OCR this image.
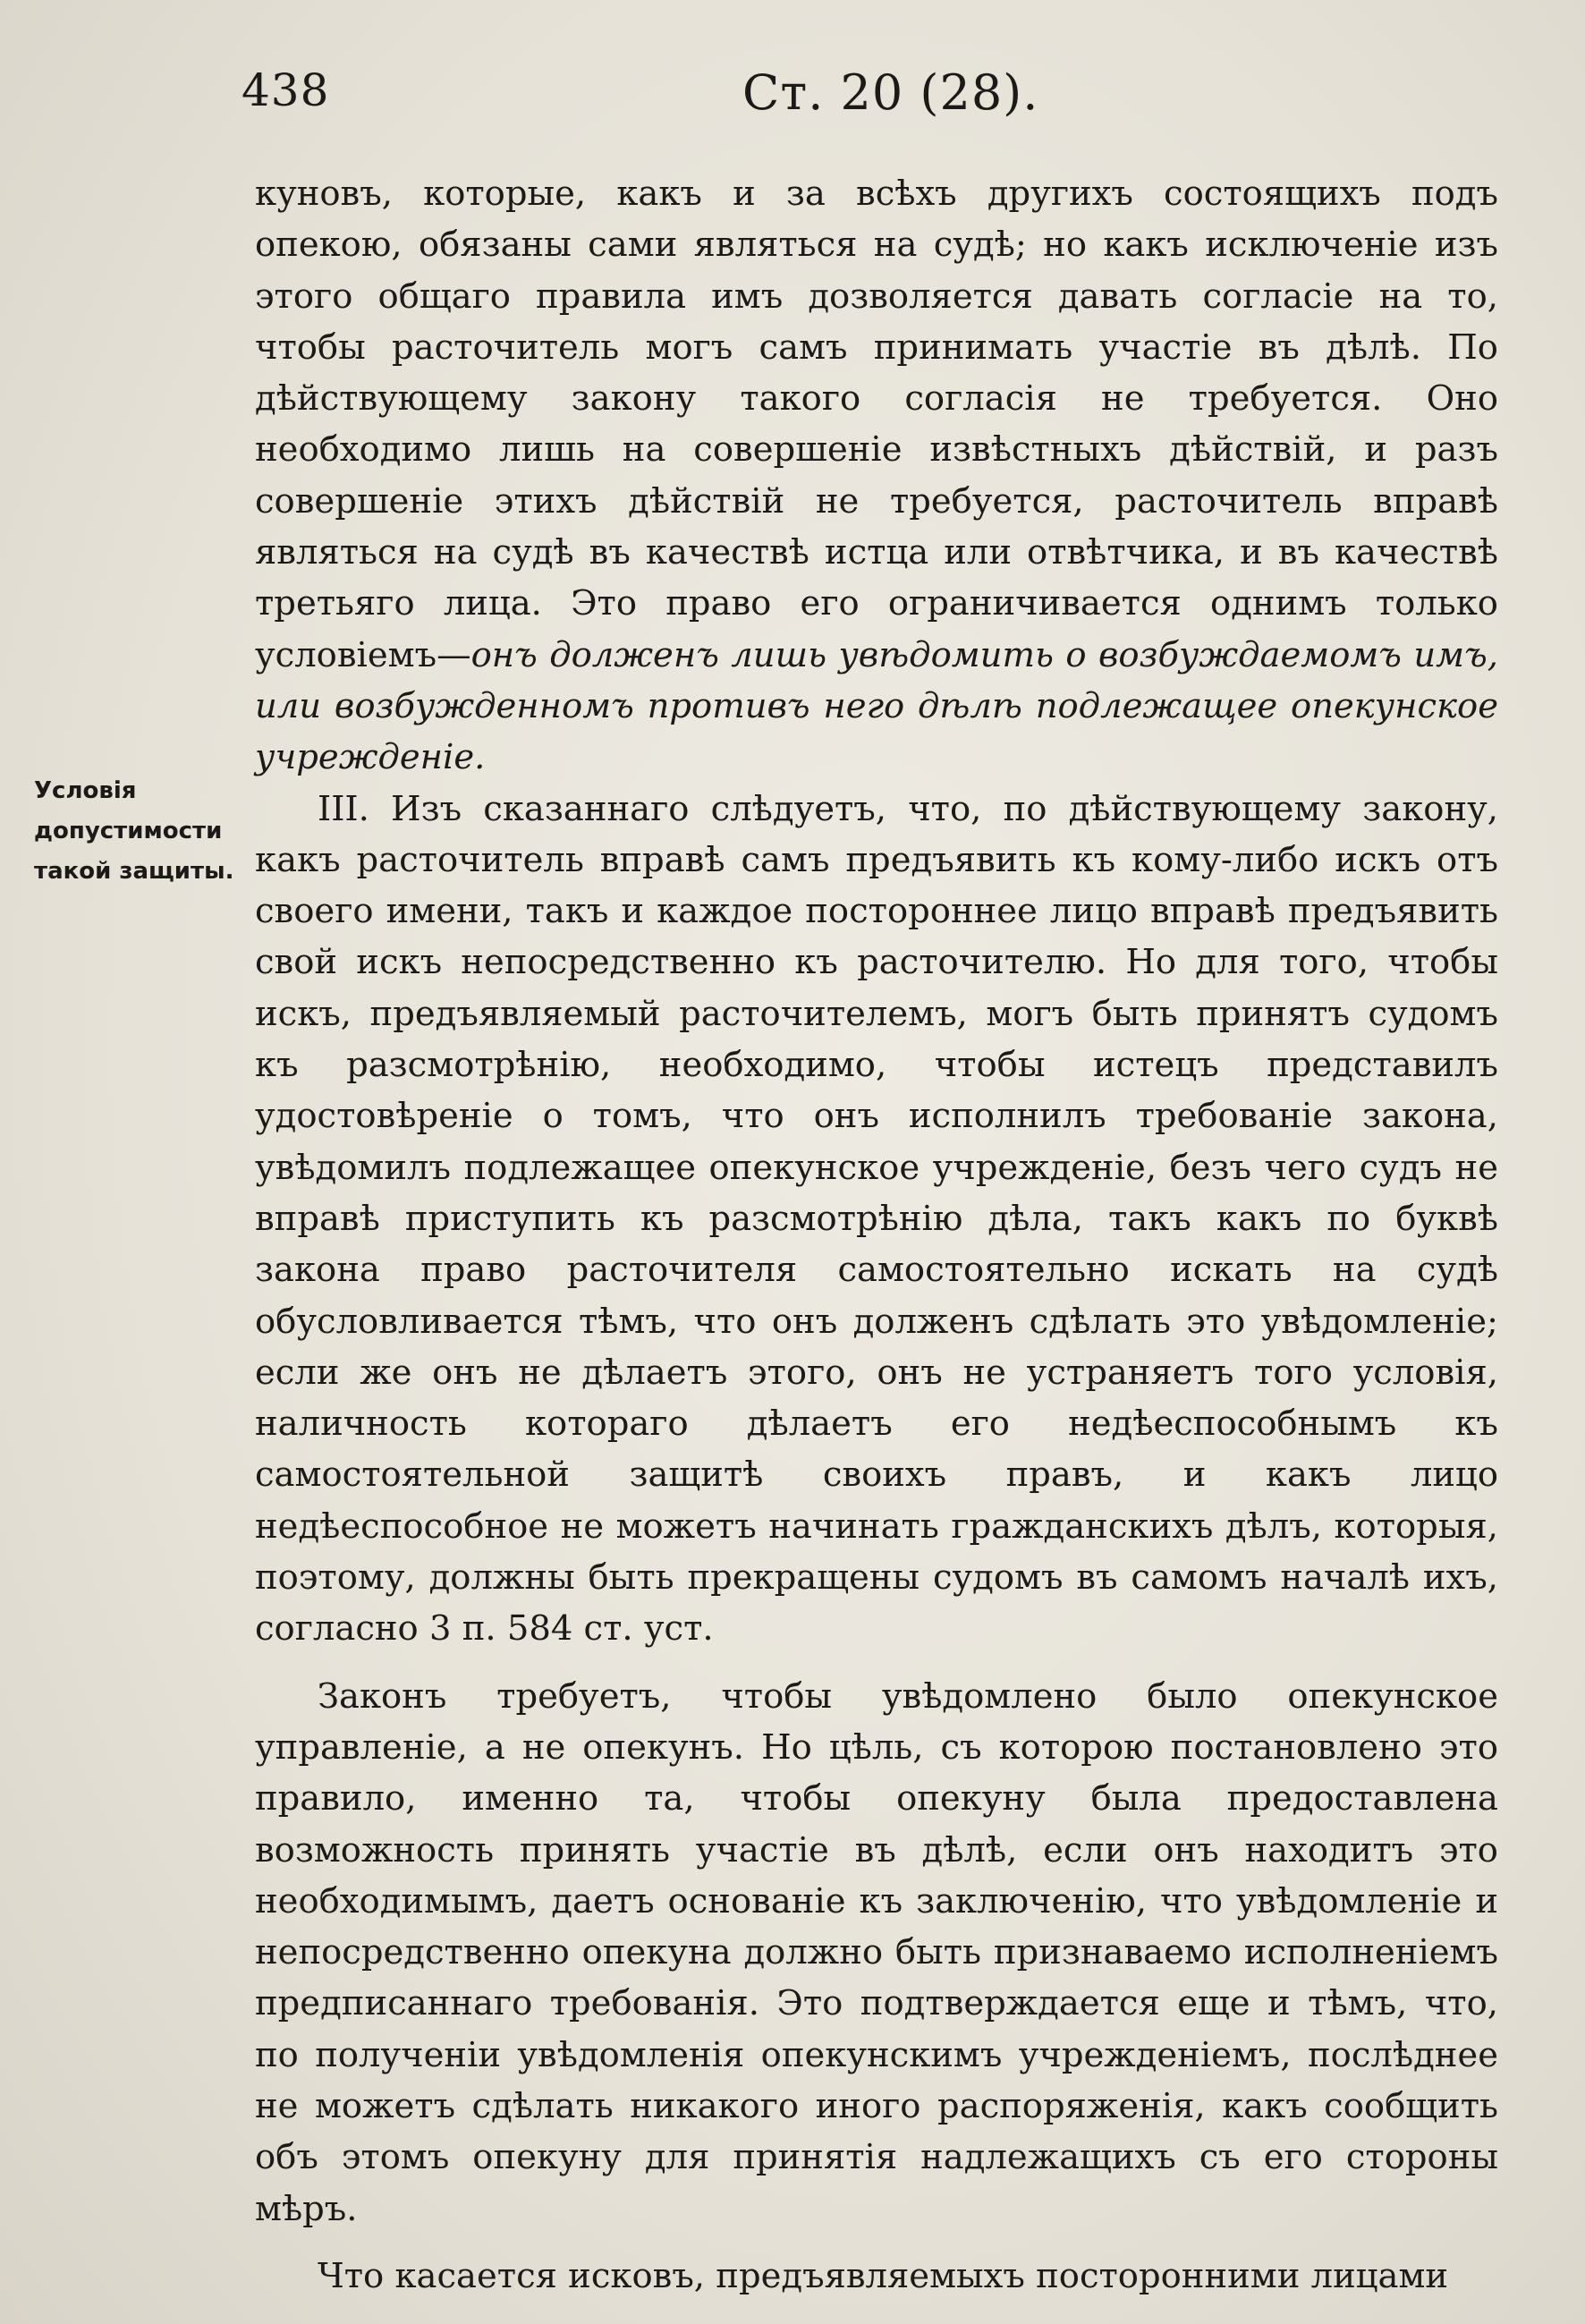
438	Ст. 20 (28).
Условія допустимости такой защиты.

куновъ, которые, какъ и за всѣхъ другихъ состоящихъ подъ опекою, обязаны сами являться на судѣ; но какъ исключеніе изъ этого общаго правила имъ дозволяется давать согласіе на то, чтобы расточитель могъ самъ принимать участіе въ дѣлѣ. По дѣйствующему закону такого согласія не требуется. Оно необходимо лишь на совершеніе извѣстныхъ дѣйствій, и разъ совершеніе этихъ дѣйствій не требуется, расточитель вправѣ являться на судѣ въ качествѣ истца или отвѣтчика, и въ качествѣ третьяго лица. Это право его ограничивается однимъ только условіемъ—онъ долженъ лишь увѣдомить о возбуждаемомъ имъ, или возбужденномъ противъ него дѣлѣ подлежащее опекунское учрежденіе.

III. Изъ сказаннаго слѣдуетъ, что, по дѣйствующему закону, какъ расточитель вправѣ самъ предъявить къ кому-либо искъ отъ своего имени, такъ и каждое постороннее лицо вправѣ предъявить свой искъ непосредственно къ расточителю. Но для того, чтобы искъ, предъявляемый расточителемъ, могъ быть принятъ судомъ къ разсмотрѣнію, необходимо, чтобы истецъ представилъ удостовѣреніе о томъ, что онъ исполнилъ требованіе закона, увѣдомилъ подлежащее опекунское учрежденіе, безъ чего судъ не вправѣ приступить къ разсмотрѣнію дѣла, такъ какъ по буквѣ закона право расточителя самостоятельно искать на судѣ обусловливается тѣмъ, что онъ долженъ сдѣлать это увѣдомленіе; если же онъ не дѣлаетъ этого, онъ не устраняетъ того условія, наличность котораго дѣлаетъ его недѣеспособнымъ къ самостоятельной защитѣ своихъ правъ, и какъ лицо недѣеспособное не можетъ начинать гражданскихъ дѣлъ, которыя, поэтому, должны быть прекращены судомъ въ самомъ началѣ ихъ, согласно 3 п. 584 ст. уст.

Законъ требуетъ, чтобы увѣдомлено было опекунское управленіе, а не опекунъ. Но цѣль, съ которою постановлено это правило, именно та, чтобы опекуну была предоставлена возможность принять участіе въ дѣлѣ, если онъ находитъ это необходимымъ, даетъ основаніе къ заключенію, что увѣдомленіе и непосредственно опекуна должно быть признаваемо исполненіемъ предписаннаго требованія. Это подтверждается еще и тѣмъ, что, по полученіи увѣдомленія опекунскимъ учрежденіемъ, послѣднее не можетъ сдѣлать никакого иного распоряженія, какъ сообщить объ этомъ опекуну для принятія надлежащихъ съ его стороны мѣръ.

Что касается исковъ, предъявляемыхъ посторонними лицами
